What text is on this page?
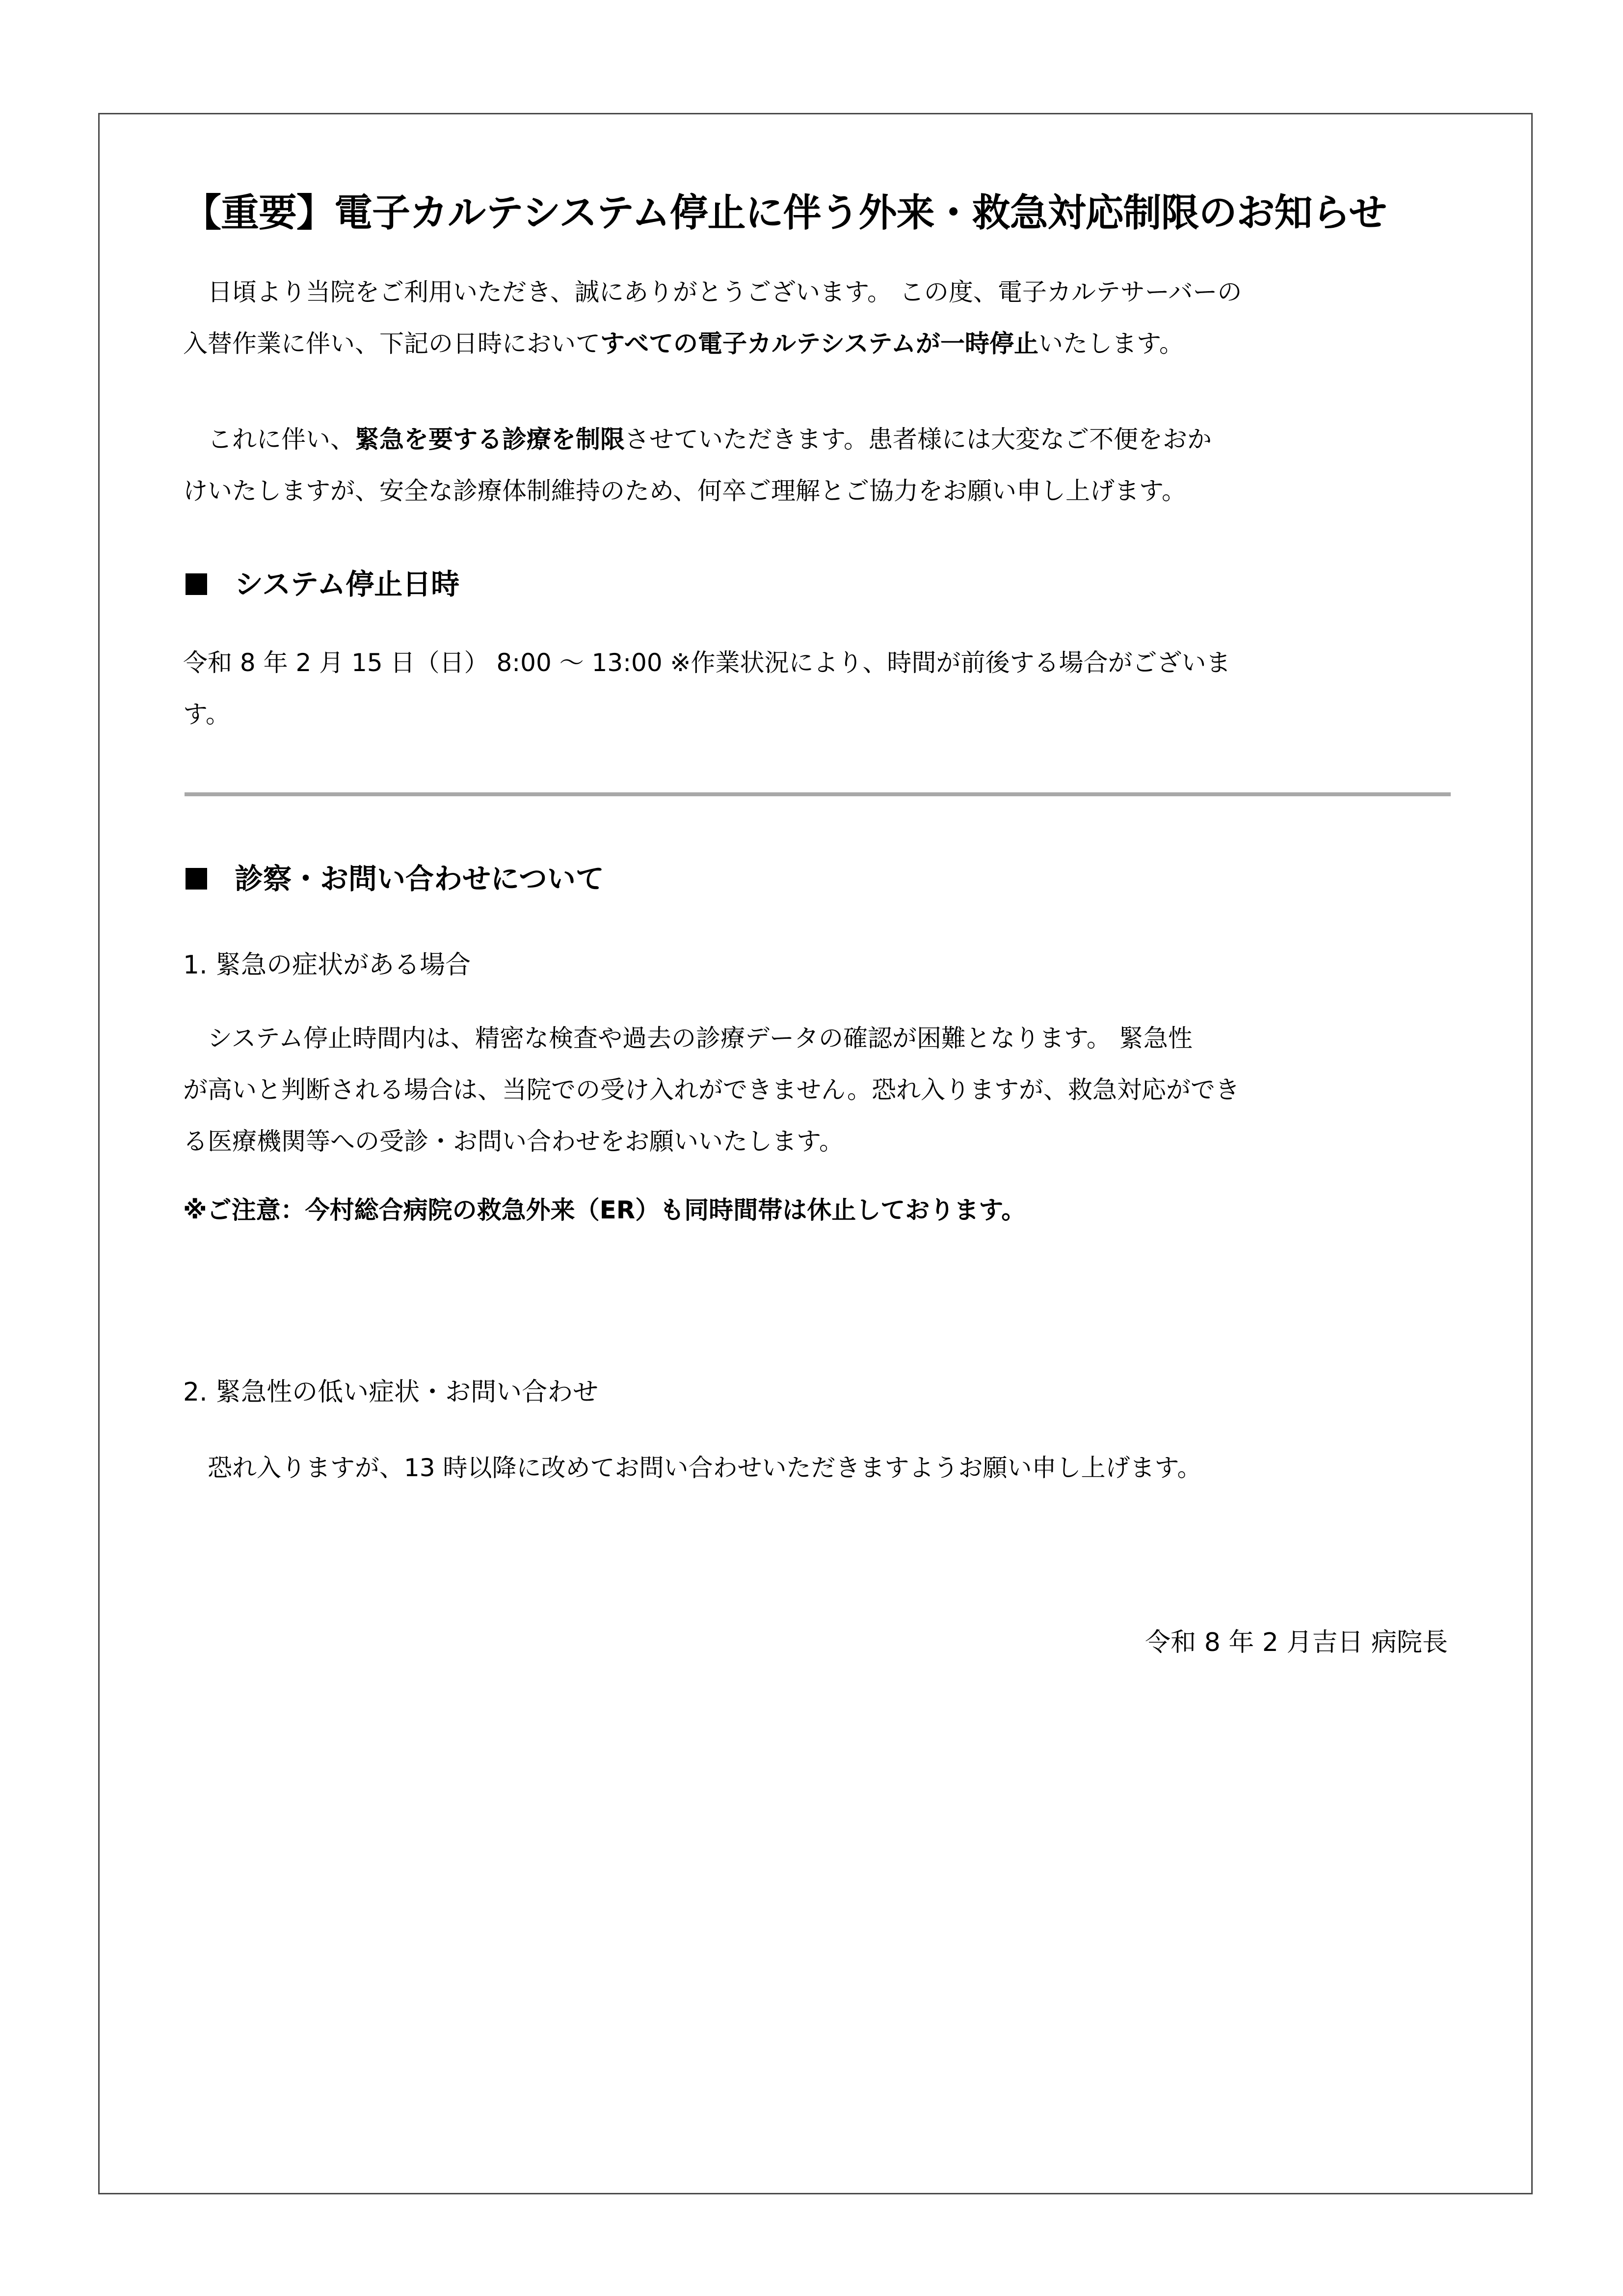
【重要】電子カルテシステム停止に伴う外来・救急対応制限のお知らせ
　日頃より当院をご利用いただき、誠にありがとうございます。 この度、電子カルテサーバーの
入替作業に伴い、下記の日時においてすべての電子カルテシステムが一時停止いたします。
　これに伴い、緊急を要する診療を制限させていただきます。患者様には大変なご不便をおか
けいたしますが、安全な診療体制維持のため、何卒ご理解とご協力をお願い申し上げます。
システム停止日時
令和 8 年 2 月 15 日（日） 8:00 〜 13:00 ※作業状況により、時間が前後する場合がございま
す。
診察・お問い合わせについて
1. 緊急の症状がある場合
　システム停止時間内は、精密な検査や過去の診療データの確認が困難となります。 緊急性
が高いと判断される場合は、当院での受け入れができません。恐れ入りますが、救急対応ができ
る医療機関等への受診・お問い合わせをお願いいたします。
※ご注意：今村総合病院の救急外来（ER）も同時間帯は休止しております。
2. 緊急性の低い症状・お問い合わせ
　恐れ入りますが、13 時以降に改めてお問い合わせいただきますようお願い申し上げます。
令和 8 年 2 月吉日 病院長
